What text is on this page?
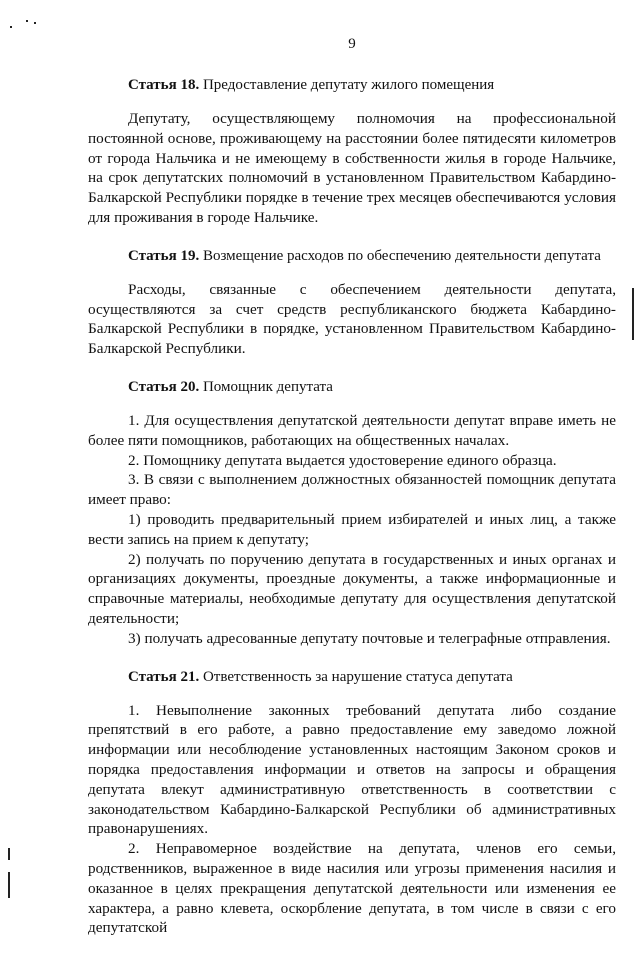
9
Статья 18. Предоставление депутату жилого помещения

Депутату, осуществляющему полномочия на профессиональной постоянной основе, проживающему на расстоянии более пятидесяти километров от города Нальчика и не имеющему в собственности жилья в городе Нальчике, на срок депутатских полномочий в установленном Правительством Кабардино-Балкарской Республики порядке в течение трех месяцев обеспечиваются условия для проживания в городе Нальчике.

Статья 19. Возмещение расходов по обеспечению деятельности депутата

Расходы, связанные с обеспечением деятельности депутата, осуществляются за счет средств республиканского бюджета Кабардино-Балкарской Республики в порядке, установленном Правительством Кабардино-Балкарской Республики.

Статья 20. Помощник депутата

1. Для осуществления депутатской деятельности депутат вправе иметь не более пяти помощников, работающих на общественных началах.

2. Помощнику депутата выдается удостоверение единого образца.

3. В связи с выполнением должностных обязанностей помощник депутата имеет право:

1) проводить предварительный прием избирателей и иных лиц, а также вести запись на прием к депутату;

2) получать по поручению депутата в государственных и иных органах и организациях документы, проездные документы, а также информационные и справочные материалы, необходимые депутату для осуществления депутатской деятельности;

3) получать адресованные депутату почтовые и телеграфные отправления.

Статья 21. Ответственность за нарушение статуса депутата

1. Невыполнение законных требований депутата либо создание препятствий в его работе, а равно предоставление ему заведомо ложной информации или несоблюдение установленных настоящим Законом сроков и порядка предоставления информации и ответов на запросы и обращения депутата влекут административную ответственность в соответствии с законодательством Кабардино-Балкарской Республики об административных правонарушениях.

2. Неправомерное воздействие на депутата, членов его семьи, родственников, выраженное в виде насилия или угрозы применения насилия и оказанное в целях прекращения депутатской деятельности или изменения ее характера, а равно клевета, оскорбление депутата, в том числе в связи с его депутатской
